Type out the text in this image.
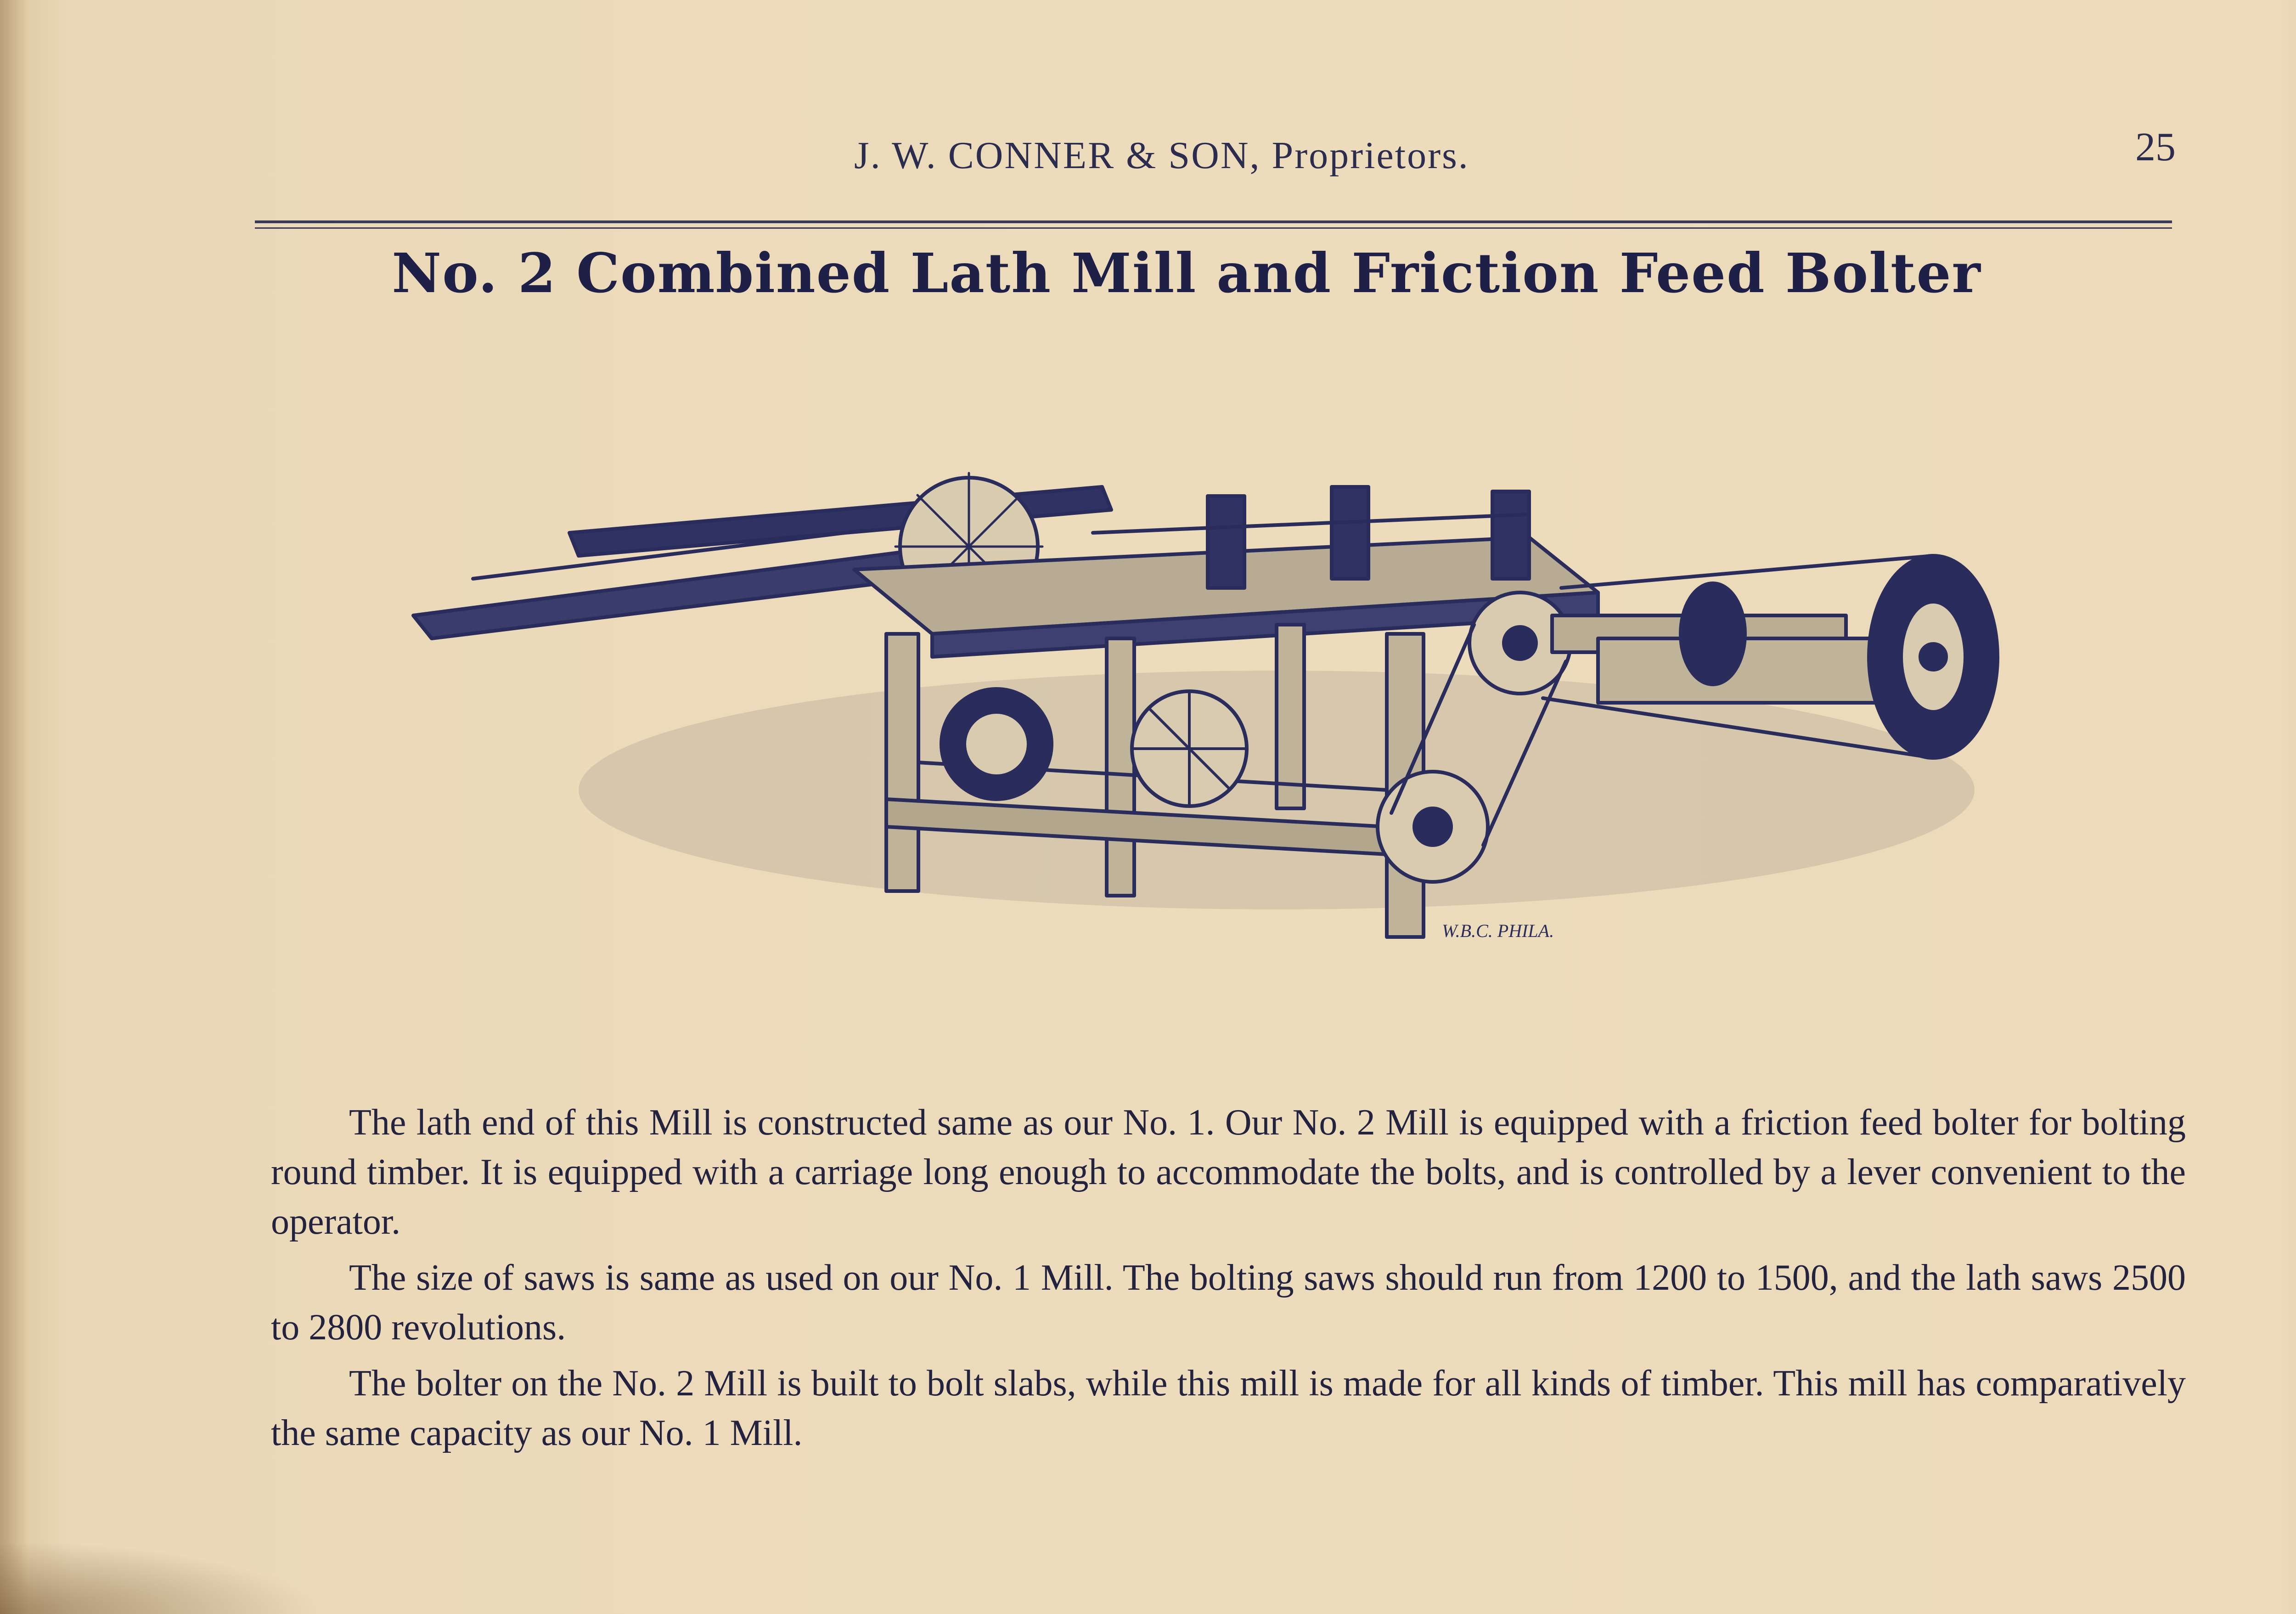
J. W. CONNER & SON, Proprietors.	25
No. 2 Combined Lath Mill and Friction Feed Bolter
W.B.C. PHILA.

The lath end of this Mill is constructed same as our No. 1. Our No. 2 Mill is equipped with a friction feed bolter for bolting round timber. It is equipped with a carriage long enough to accommodate the bolts, and is controlled by a lever convenient to the operator.

The size of saws is same as used on our No. 1 Mill. The bolting saws should run from 1200 to 1500, and the lath saws 2500 to 2800 revolutions.

The bolter on the No. 2 Mill is built to bolt slabs, while this mill is made for all kinds of timber. This mill has comparatively the same capacity as our No. 1 Mill.
